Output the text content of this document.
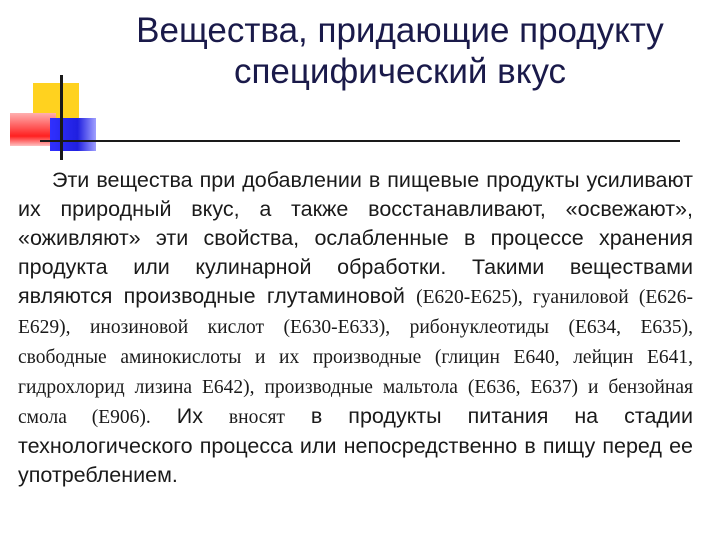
Вещества, придающие продукту
специфический вкус
Эти вещества при добавлении в пищевые продукты усиливают их природный вкус, а также восстанавливают, «освежают», «оживляют» эти свойства, ослабленные в процессе хранения продукта или кулинарной обработки. Такими веществами являются производные глутаминовой (Е620-Е625), гуаниловой (Е626-Е629), инозиновой кислот (Е630-Е633), рибонуклеотиды (Е634, Е635), свободные аминокислоты и их производные (глицин Е640, лейцин Е641, гидрохлорид лизина Е642), производные мальтола (Е636, Е637) и бензойная смола (Е906). Их вносят в продукты питания на стадии технологического процесса или непосредственно в пищу перед ее употреблением.
